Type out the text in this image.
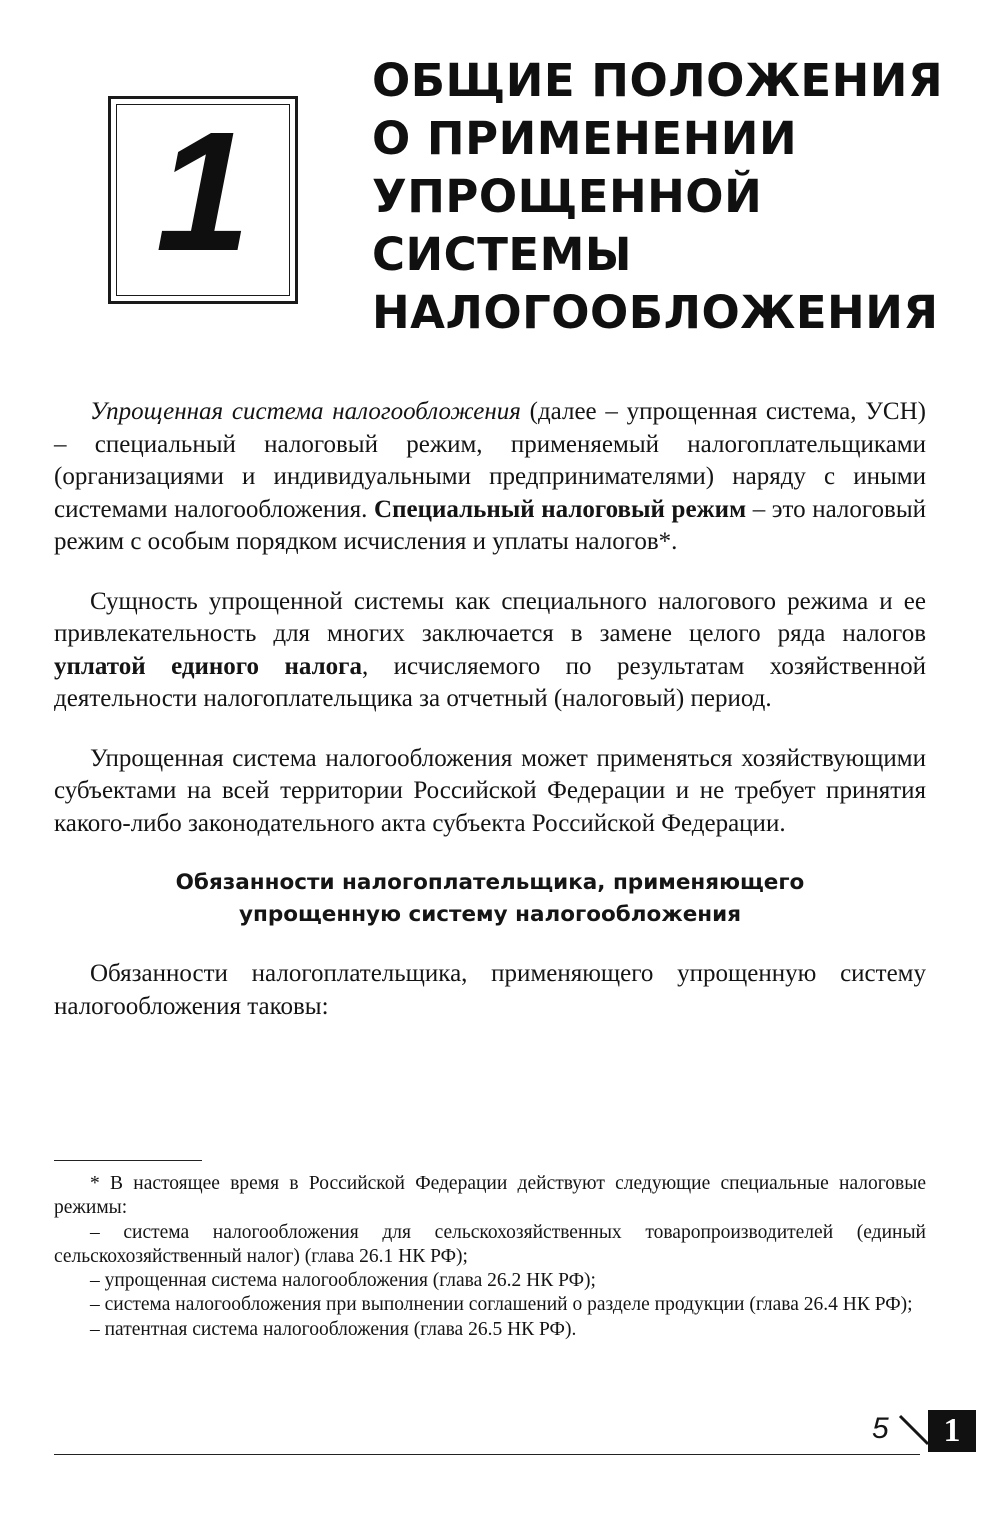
1
ОБЩИЕ ПОЛОЖЕНИЯ
О ПРИМЕНЕНИИ
УПРОЩЕННОЙ
СИСТЕМЫ
НАЛОГООБЛОЖЕНИЯ

Упрощенная система налогообложения (далее – упрощенная система, УСН) – специальный налоговый режим, применяемый налогоплательщиками (организациями и индивидуальными предпринимателями) наряду с иными системами налогообложения. Специальный налоговый режим – это налоговый режим с особым порядком исчисления и уплаты налогов*.

Сущность упрощенной системы как специального налогового режима и ее привлекательность для многих заключается в замене целого ряда налогов уплатой единого налога, исчисляемого по результатам хозяйственной деятельности налогоплательщика за отчетный (налоговый) период.

Упрощенная система налогообложения может применяться хозяйствующими субъектами на всей территории Российской Федерации и не требует принятия какого-либо законодательного акта субъекта Российской Федерации.

Обязанности налогоплательщика, применяющего
упрощенную систему налогообложения

Обязанности налогоплательщика, применяющего упрощенную систему налогообложения таковы:

* В настоящее время в Российской Федерации действуют следующие специальные налоговые режимы:

– система налогообложения для сельскохозяйственных товаропроизводителей (единый сельскохозяйственный налог) (глава 26.1 НК РФ);

– упрощенная система налогообложения (глава 26.2 НК РФ);

– система налогообложения при выполнении соглашений о разделе продукции (глава 26.4 НК РФ);

– патентная система налогообложения (глава 26.5 НК РФ).

5	1
